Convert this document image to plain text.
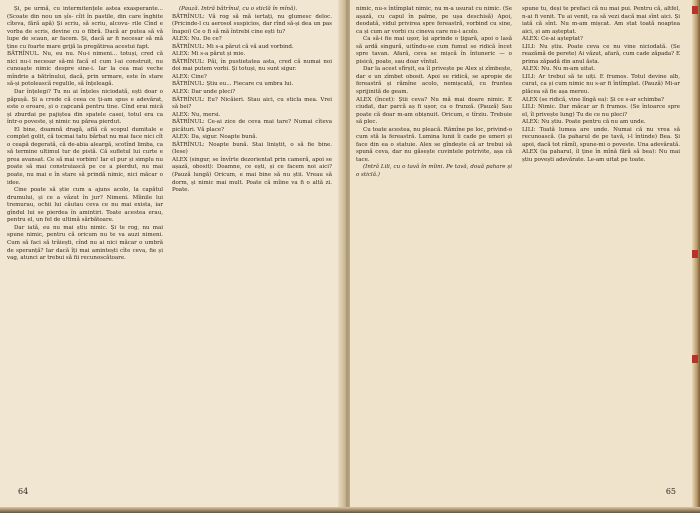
Și, pe urmă, cu intermitențele astea exasperante... (Scoate din nou un șîs- cîit în pastile, din care înghite cîteva, fără apă) Și scriu, să scriu, alcovu- rile Cînd e vorba de scris, devine cu o fibră. Dacă ar putea să vă lupe de scaun, ar facem. Și, dacă ar fi necesar să mă ține cu foarte mare grijă la pregătirea acestui fapt.

BĂTRÎNUL. Nu, eu nu. Nu-i nimeni... totuși, cred că nici nu-i necesar să-mi facă el cum l-ai construit, nu cunoaște nimic despre sine-i. Iar la cea mai veche mîndrie a bătrînului, dacă, prin urmare, este în stare să-și potolească regulile, să înțeleagă.

Dar înțelegi? Tu nu ai înțeles niciodată, ești doar o păpușă. Și a crede că ceea ce ți-am spus e adevărat, este o eroare, și o capcană pentru tine. Cînd erai mică și zburdai pe pajiștea din spatele casei, totul era ca într-o poveste, și nimic nu părea pierdut.

El bine, doamnă dragă, află că scopul dumitale e complet golit, că tocmai tatu bărbat nu mai face nici cît o ceapă degerată, că de-abia aleargă, scotînd limba, ca să termine ultimul tur de pistă. Că sufletul lui curte e prea avansat. Ce să mai vorbim! Iar el pur și simplu nu poate să mai construiască pe ce a pierdut, nu mai poate, nu mai e în stare să prindă nimic, nici măcar o idee.

Cine poate să știe cum a ajuns acolo, la capătul drumului, și ce a văzut în jur? Nimeni. Mîinile lui tremurau, ochii lui căutau ceva ce nu mai exista, iar gîndul lui se pierdea în amintiri. Toate acestea erau, pentru el, un fel de ultimă sărbătoare.

Dar iată, eu nu mai știu nimic. Și te rog, nu mai spune nimic, pentru că oricum nu te va auzi nimeni. Cum să faci să trăiești, cînd nu ai nici măcar o umbră de speranță? Iar dacă îți mai amintești cîte ceva, fie și vag, atunci ar trebui să fii recunoscătoare.

(Pauză. Intră bătrînul, cu o sticlă în mînă).

BĂTRÎNUL: Vă rog să mă iertați, nu glumesc deloc. (Pricinde-l cu aerosol suspicios, dar rînd să-și dea un pas înapoi) Ce o fi să mă întrebi cine ești tu?

ALEX: Nu. De ce?

BĂTRÎNUL: Mi s-a părut că vă aud vorbind.

ALEX: Mi s-a părut și mie.

BĂTRÎNUL: Păi, în pustietatea asta, cred că numai noi doi mai putem vorbi. Și totuși, nu sunt sigur.

ALEX: Cine?

BĂTRÎNUL: Știu eu... Fiecare cu umbra lui.

ALEX: Dar unde pleci?

BĂTRÎNUL: Eu? Nicăieri. Stau aici, cu sticla mea. Vrei să bei?

ALEX: Nu, mersi.

BĂTRÎNUL: Ce-ai zice de ceva mai tare? Numai cîteva picături. Vă place?

ALEX: Da, sigur. Noapte bună.

BĂTRÎNUL: Noapte bună. Stai liniștit, o să fie bine. (Iese)

ALEX (singur, se învîrte dezorientat prin cameră, apoi se așază, obosit): Doamne, ce ești, și ce facem noi aici? (Pauză lungă) Oricum, e mai bine să nu știi. Vreau să dorm, și nimic mai mult. Poate că mîine va fi o altă zi. Poate.

64

nimic, nu-s întîmplat nimic, nu m-a usurat cu nimic. (Se așază, cu capul în palme, pe ușa deschisă) Apoi, deodată, vidul privirea spre fereastră, vorbind cu sine, ca și cum ar vorbi cu cineva care nu-i acolo.

Ca să-i fie mai ușor, își aprinde o țigară, apoi o lasă să ardă singură, uitîndu-se cum fumul se ridică încet spre tavan. Afară, ceva se mișcă în întuneric — o pisică, poate, sau doar vîntul.

Dar la acest sfîrșit, ea îl privește pe Alex și zîmbește, dar e un zîmbet obosit. Apoi se ridică, se apropie de fereastră și rămîne acolo, nemișcată, cu fruntea sprijinită de geam.

ALEX (încet): Știi ceva? Nu mă mai doare nimic. E ciudat, dar parcă aș fi ușor, ca o frunză. (Pauză) Sau poate că doar m-am obișnuit. Oricum, e tîrziu. Trebuie să plec.

Cu toate acestea, nu pleacă. Rămîne pe loc, privind-o cum stă la fereastră. Lumina lunii îi cade pe umeri și face din ea o statuie. Alex se gîndește că ar trebui să spună ceva, dar nu găsește cuvintele potrivite, așa că tace.

(Intră Lili, cu o tavă în mîini. Pe tavă, două pahare și o sticlă.)

spune tu, deși te prefaci că nu mai pui. Pentru că, altfel, n-ai fi venit. Tu ai venit, ca să vezi dacă mai sînt aici. Și iată că sînt. Nu m-am mișcat. Am stat toată noaptea aici, și am așteptat.

ALEX: Ce-ai așteptat?

LILI: Nu știu. Poate ceva ce nu vine niciodată. (Se reazămă de perete) Ai văzut, afară, cum cade zăpada? E prima zăpadă din anul ăsta.

ALEX: Nu. Nu m-am uitat.

LILI: Ar trebui să te uiți. E frumos. Totul devine alb, curat, ca și cum nimic nu s-ar fi întîmplat. (Pauză) Mi-ar plăcea să fie așa mereu.

ALEX (se ridică, vine lîngă ea): Și ce s-ar schimba?

LILI: Nimic. Dar măcar ar fi frumos. (Se întoarce spre el, îl privește lung) Tu de ce nu pleci?

ALEX: Nu știu. Poate pentru că nu am unde.

LILI: Toată lumea are unde. Numai că nu vrea să recunoască. (Ia paharul de pe tavă, i-l întinde) Bea. Și apoi, dacă tot rămîi, spune-mi o poveste. Una adevărată.

ALEX (ia paharul, îl ține în mînă fără să bea): Nu mai știu povești adevărate. Le-am uitat pe toate.

65
